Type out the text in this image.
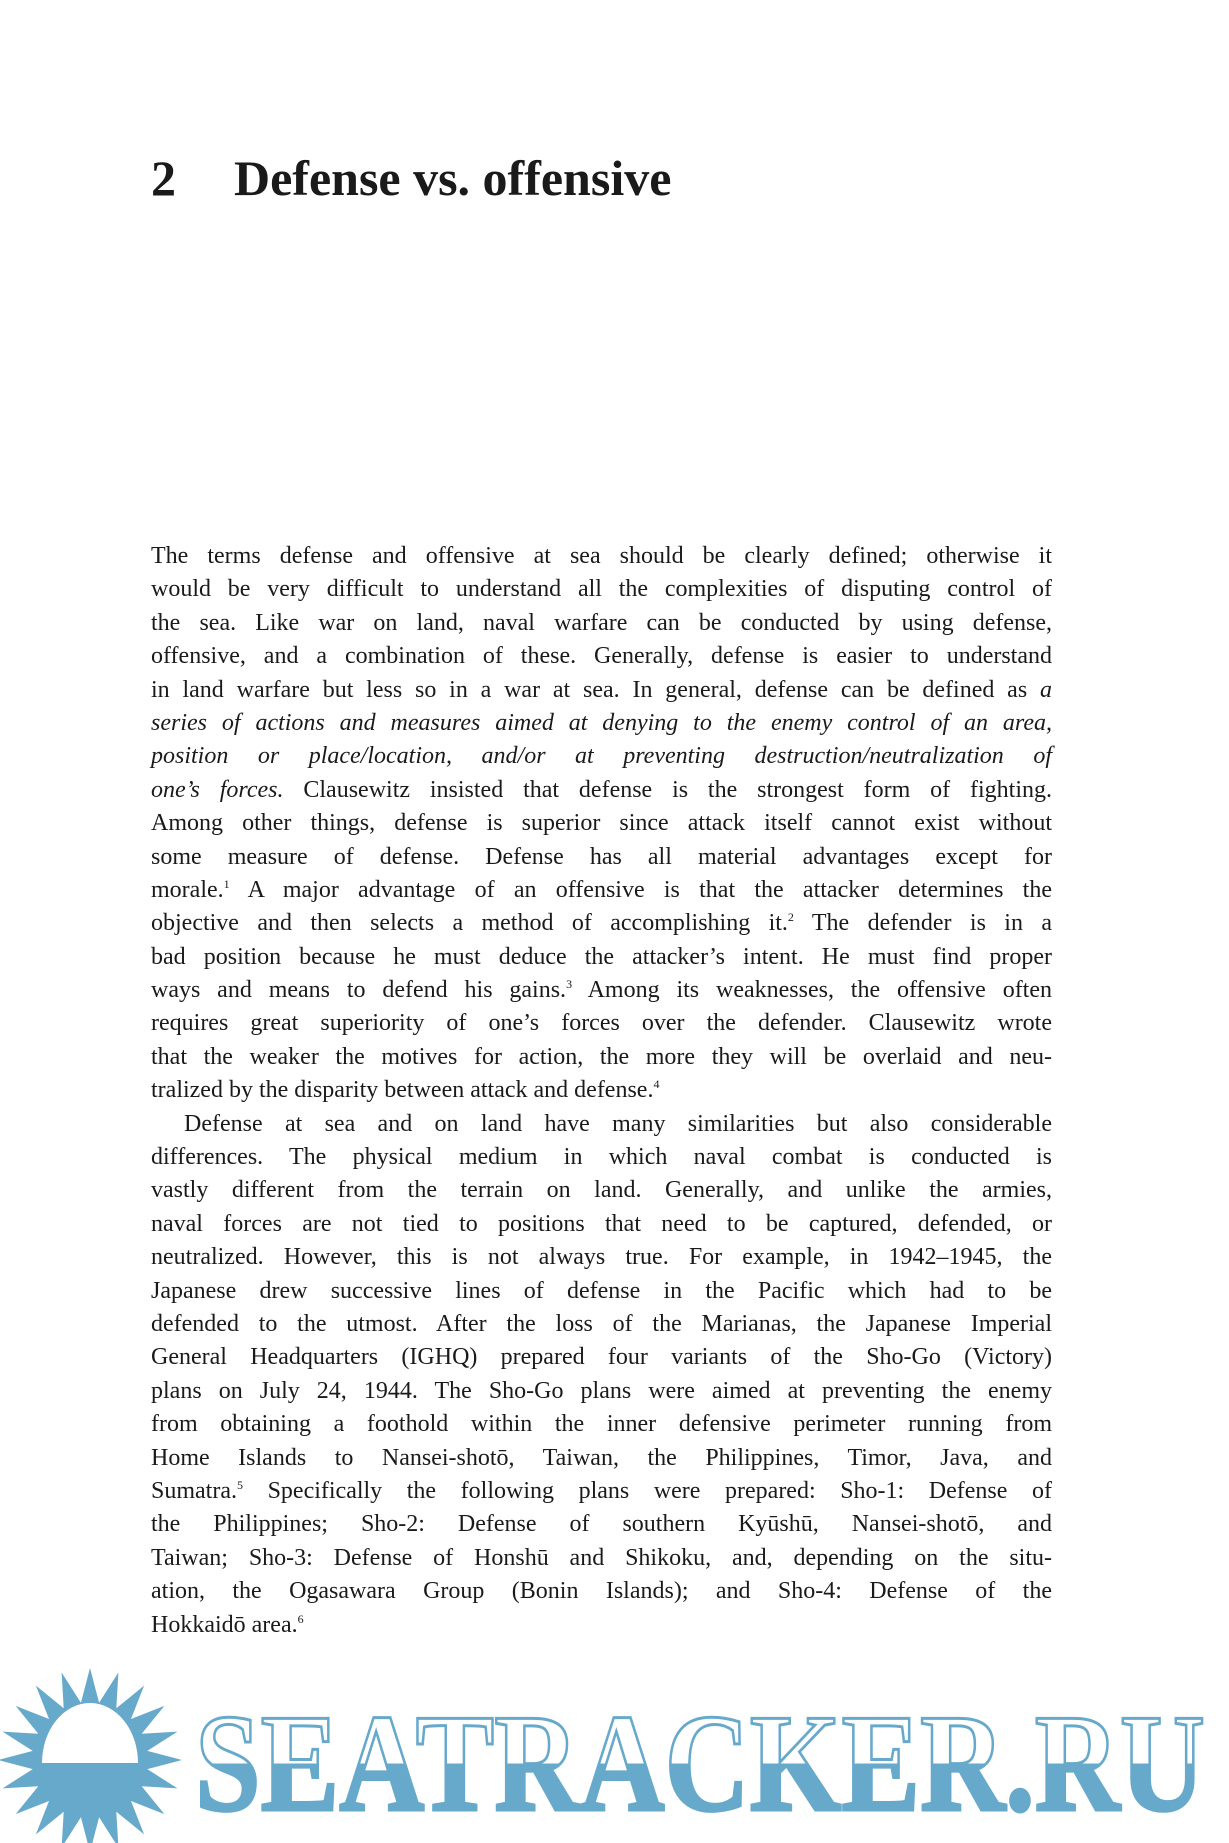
2 Defense vs. offensive
The terms defense and offensive at sea should be clearly defined; otherwise it
would be very difficult to understand all the complexities of disputing control of
the sea. Like war on land, naval warfare can be conducted by using defense,
offensive, and a combination of these. Generally, defense is easier to understand
in land warfare but less so in a war at sea. In general, defense can be defined as a
series of actions and measures aimed at denying to the enemy control of an area,
position or place/location, and/or at preventing destruction/neutralization of
one’s forces. Clausewitz insisted that defense is the strongest form of fighting.
Among other things, defense is superior since attack itself cannot exist without
some measure of defense. Defense has all material advantages except for
morale.$^1$ A major advantage of an offensive is that the attacker determines the
objective and then selects a method of accomplishing it.$^2$ The defender is in a
bad position because he must deduce the attacker’s intent. He must find proper
ways and means to defend his gains.$^3$ Among its weaknesses, the offensive often
requires great superiority of one’s forces over the defender. Clausewitz wrote
that the weaker the motives for action, the more they will be overlaid and neu-
tralized by the disparity between attack and defense.$^4$
Defense at sea and on land have many similarities but also considerable
differences. The physical medium in which naval combat is conducted is
vastly different from the terrain on land. Generally, and unlike the armies,
naval forces are not tied to positions that need to be captured, defended, or
neutralized. However, this is not always true. For example, in 1942–1945, the
Japanese drew successive lines of defense in the Pacific which had to be
defended to the utmost. After the loss of the Marianas, the Japanese Imperial
General Headquarters (IGHQ) prepared four variants of the Sho-Go (Victory)
plans on July 24, 1944. The Sho-Go plans were aimed at preventing the enemy
from obtaining a foothold within the inner defensive perimeter running from
Home Islands to Nansei-shotō, Taiwan, the Philippines, Timor, Java, and
Sumatra.$^5$ Specifically the following plans were prepared: Sho-1: Defense of
the Philippines; Sho-2: Defense of southern Kyūshū, Nansei-shotō, and
Taiwan; Sho-3: Defense of Honshū and Shikoku, and, depending on the situ-
ation, the Ogasawara Group (Bonin Islands); and Sho-4: Defense of the
Hokkaidō area.$^6$
SEATRACKER.RU
